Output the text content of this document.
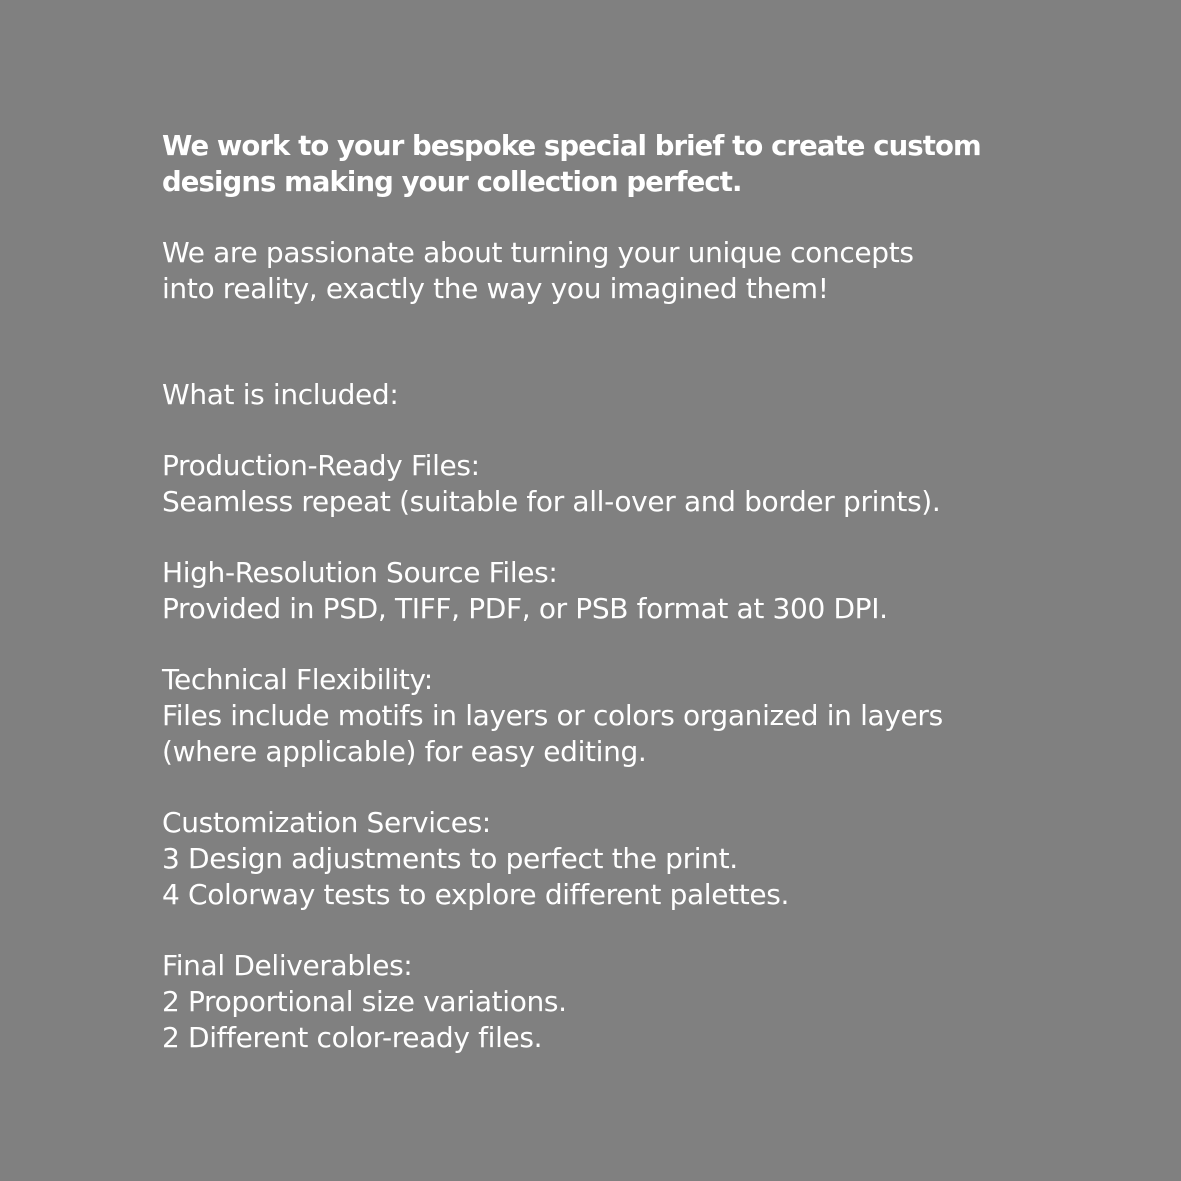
We work to your bespoke special brief to create custom
designs making your collection perfect.
We are passionate about turning your unique concepts
into reality, exactly the way you imagined them!
What is included:
Production-Ready Files:
Seamless repeat (suitable for all-over and border prints).
High-Resolution Source Files:
Provided in PSD, TIFF, PDF, or PSB format at 300 DPI.
Technical Flexibility:
Files include motifs in layers or colors organized in layers
(where applicable) for easy editing.
Customization Services:
3 Design adjustments to perfect the print.
4 Colorway tests to explore different palettes.
Final Deliverables:
2 Proportional size variations.
2 Different color-ready files.
